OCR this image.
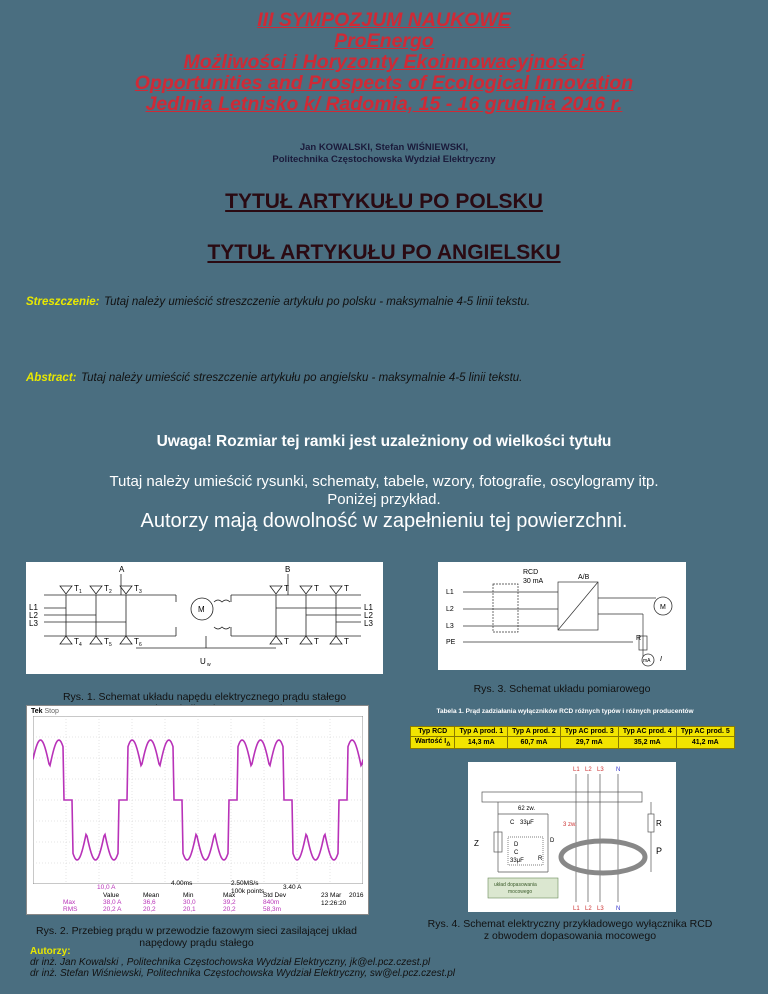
III SYMPOZJUM NAUKOWE
ProEnergo
Możliwości i Horyzonty Ekoinnowacyjności
Opportunities and Prospects of Ecological Innovation
Jedlnia Letnisko k/ Radomia, 15 - 16 grudnia 2016 r.
Jan KOWALSKI, Stefan WIŚNIEWSKI,
Politechnika Częstochowska Wydział Elektryczny
TYTUŁ ARTYKUŁU PO POLSKU
TYTUŁ ARTYKUŁU PO ANGIELSKU
Streszczenie: Tutaj należy umieścić streszczenie artykułu po polsku - maksymalnie 4-5 linii tekstu.
Abstract: Tutaj należy umieścić streszczenie artykułu po angielsku - maksymalnie 4-5 linii tekstu.
Uwaga! Rozmiar tej ramki jest uzależniony od wielkości tytułu
Tutaj należy umieścić rysunki, schematy, tabele, wzory, fotografie, oscylogramy itp.
Poniżej przykład.
Autorzy mają dowolność w zapełnieniu tej powierzchni.
A	B
L1
L2
L3
L1
L2
L3
M
T	T	T
T	T	T
1	2	3
4	5	6
T	T	T
T	T	T
U w
Rys. 1. Schemat układu napędu elektrycznego prądu stałego
Tek Stop
10,0 A
4.00ms	2.50MS/s
100k points
3.40 A
23 Mar 2016
12:26:20
Value	Mean	Min	Max	Std Dev
Max	38,0 A	36,6	30,0	39,2	840m
RMS	20,2 A	20,2	20,1	20,2	58,3m
Rys. 2. Przebieg prądu w przewodzie fazowym sieci zasilającej układ
napędowy prądu stałego
RCD
30 mA
A/B
L1
L2
L3
PE
M
R
mA I
Rys. 3. Schemat układu pomiarowego
Tabela 1. Prąd zadziałania wyłączników RCD różnych typów i różnych producentów
Typ RCD	Typ A prod. 1	Typ A prod. 2	Typ AC prod. 3	Typ AC prod. 4	Typ AC prod. 5
Wartość $I_\Delta$	14,3 mA	60,7 mA	29,7 mA	35,2 mA	41,2 mA
L1 L2 L3 N
L1 L2 L3 N
62 zw.
3 zw.
C 33μF
D
C
33μF R
D
Z
R
P
układ dopasowania
mocowego
Rys. 4. Schemat elektryczny przykładowego wyłącznika RCD
z obwodem dopasowania mocowego
Autorzy:
dr inż. Jan Kowalski , Politechnika Częstochowska Wydział Elektryczny, jk@el.pcz.czest.pl
dr inż. Stefan Wiśniewski, Politechnika Częstochowska Wydział Elektryczny, sw@el.pcz.czest.pl
